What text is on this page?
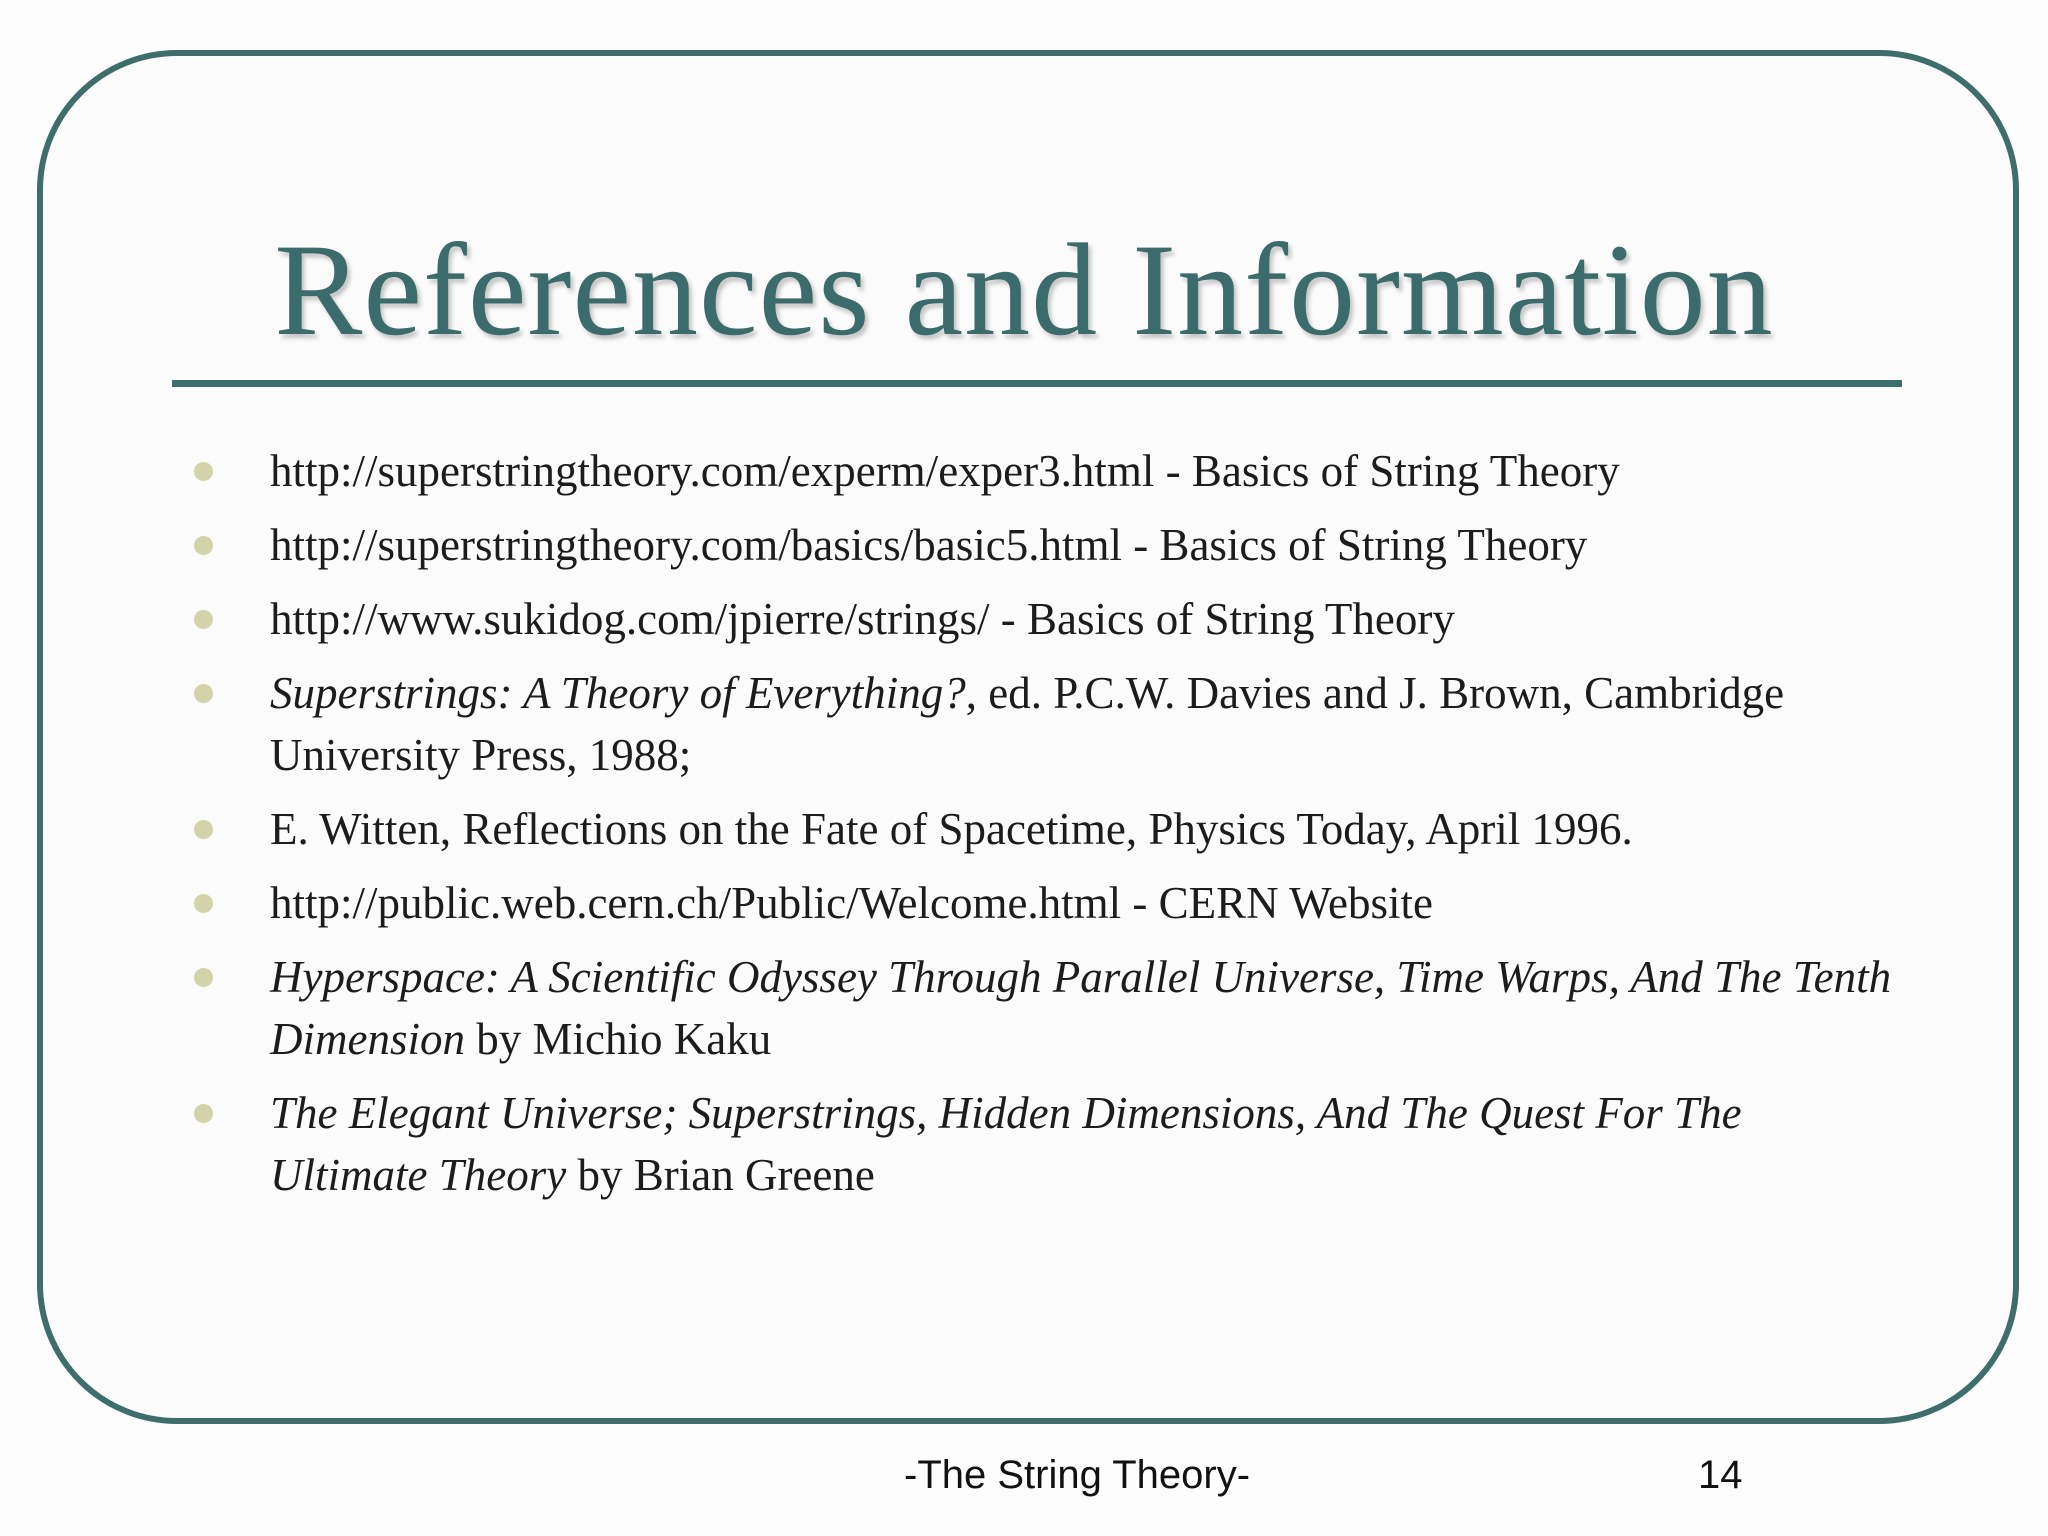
References and Information
http://superstringtheory.com/experm/exper3.html - Basics of String Theory
http://superstringtheory.com/basics/basic5.html - Basics of String Theory
http://www.sukidog.com/jpierre/strings/ - Basics of String Theory
Superstrings: A Theory of Everything?, ed. P.C.W. Davies and J. Brown, Cambridge University Press, 1988;
E. Witten, Reflections on the Fate of Spacetime, Physics Today, April 1996.
http://public.web.cern.ch/Public/Welcome.html - CERN Website
Hyperspace: A Scientific Odyssey Through Parallel Universe, Time Warps, And The Tenth Dimension by Michio Kaku
The Elegant Universe; Superstrings, Hidden Dimensions, And The Quest For The Ultimate Theory by Brian Greene
-The String Theory-	14
